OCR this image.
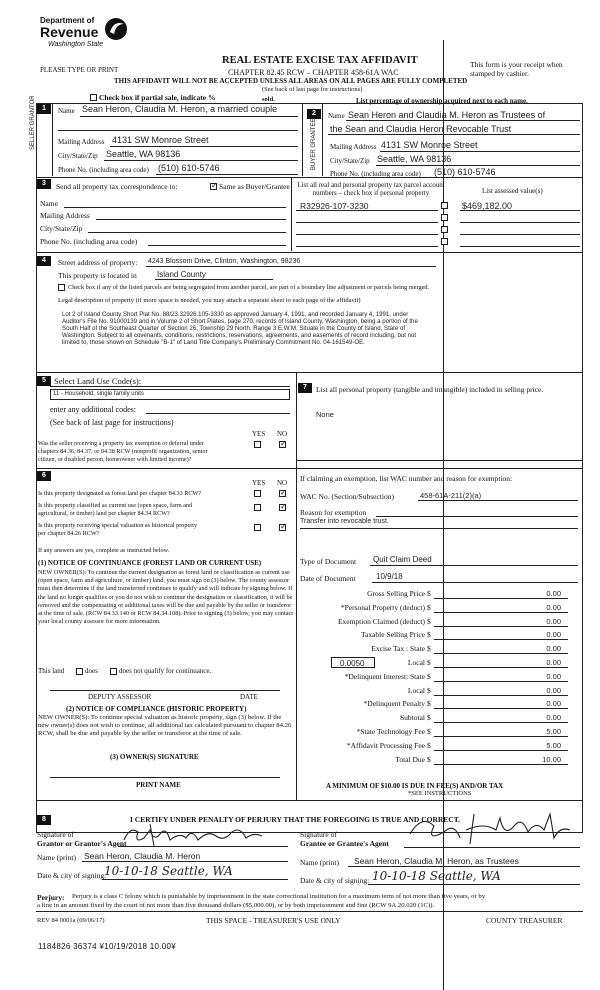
Department of
Revenue
Washington State
PLEASE TYPE OR PRINT
REAL ESTATE EXCISE TAX AFFIDAVIT
CHAPTER 82.45 RCW – CHAPTER 458-61A WAC
THIS AFFIDAVIT WILL NOT BE ACCEPTED UNLESS ALL AREAS ON ALL PAGES ARE FULLY COMPLETED
(See back of last page for instructions)
This form is your receipt when stamped by cashier.
Check box if partial sale, indicate %	sold.	List percentage of ownership acquired next to each name.
1
SELLER GRANTOR	Name Sean Heron, Claudia M. Heron, a married couple
Mailing Address 4131 SW Monroe Street
City/State/Zip Seattle, WA 98136
Phone No. (including area code) (510) 610-5746
2
BUYER GRANTEE
Name Sean Heron and Claudia M. Heron as Trustees of
the Sean and Claudia Heron Revocable Trust
Mailing Address 4131 SW Monroe Street
City/State/Zip Seattle, WA 98136
Phone No. (including area code) (510) 610-5746
3	Send all property tax correspondence to:
✓	Same as Buyer/Grantee
Name
Mailing Address
City/State/Zip
Phone No. (including area code)
List all real and personal property tax parcel account numbers – check box if personal property	List assessed value(s)
R32926-107-3230	$469,182.00
4	Street address of property: 4243 Blossom Drive, Clinton, Washington, 98236
This property is located in	Island County
Check box if any of the listed parcels are being segregated from another parcel, are part of a boundary line adjustment or parcels being merged.
Legal description of property (if more space is needed, you may attach a separate sheet to each page of the affidavit)
Lot 2 of Island County Short Plat No. 88/23.32926.105-3330 as approved January 4, 1991, and recorded January 4, 1991, under
Auditor's File No. 91000139 and in Volume 2 of Short Plates, page 270, records of Island County, Washington, being a portion of the
South Half of the Southeast Quarter of Section 26, Township 29 North, Range 3 E.W.M. Situate in the County of Island, State of
Washington. Subject to all covenants, conditions, restrictions, reservations, agreements, and easements of record including, but not
limited to, those shown on Schedule "B-1" of Land Title Company's Preliminary Commitment No. 04-161549-OE.
5 Select Land Use Code(s):
11 - Household, single family units
enter any additional codes:
(See back of last page for instructions)
YES NO
Was the seller receiving a property tax exemption or deferral under
chapters 84.36, 84.37, or 84.38 RCW (nonprofit organization, senior
citizen, or disabled person, homeowner with limited income)?
✓
7	List all personal property (tangible and intangible) included in selling price.
None
6
YES NO
Is this property designated as forest land per chapter 84.33 RCW?
✓
Is this property classified as current use (open space, farm and
agricultural, or timber) land per chapter 84.34 RCW?
✓
Is this property receiving special valuation as historical property
per chapter 84.26 RCW?
✓
If any answers are yes, complete as instructed below.
(1) NOTICE OF CONTINUANCE (FOREST LAND OR CURRENT USE)
NEW OWNER(S): To continue the current designation as forest land or classification as current use (open space, farm and agriculture, or timber) land, you must sign on (3) below. The county assessor must then determine if the land transferred continues to qualify and will indicate by signing below. If the land no longer qualifies or you do not wish to continue the designation or classification, it will be removed and the compensating or additional taxes will be due and payable by the seller or transferor at the time of sale. (RCW 84.33.140 or RCW 84.34.108). Prior to signing (3) below, you may contact your local county assessor for more information.
This land	does	does not qualify for continuance.
DEPUTY ASSESSOR	DATE
(2) NOTICE OF COMPLIANCE (HISTORIC PROPERTY)
NEW OWNER(S): To continue special valuation as historic property, sign (3) below. If the new owner(s) does not wish to continue, all additional tax calculated pursuant to chapter 84.26 RCW, shall be due and payable by the seller or transferor at the time of sale.
(3) OWNER(S) SIGNATURE
PRINT NAME
If claiming an exemption, list WAC number and reason for exemption:
WAC No. (Section/Subsection)	458-61A-211(2)(a)
Reason for exemption
Transfer into revocable trust.
Type of Document Quit Claim Deed
Date of Document	10/9/18
Gross Selling Price $	0.00
*Personal Property (deduct) $	0.00
Exemption Claimed (deduct) $	0.00
Taxable Selling Price $	0.00
Excise Tax : State $	0.00
Local $	0.00
*Delinquent Interest: State $	0.00
Local $	0.00
*Delinquent Penalty $	0.00
Subtotal $	0.00
*State Technology Fee $	5.00
*Affidavit Processing Fee $	5.00
Total Due $	10.00
0.0050
A MINIMUM OF $10.00 IS DUE IN FEE(S) AND/OR TAX
*SEE INSTRUCTIONS
8	I CERTIFY UNDER PENALTY OF PERJURY THAT THE FOREGOING IS TRUE AND CORRECT.
Signature of
Grantor or Grantor's Agent
Name (print) Sean Heron, Claudia M. Heron
Date & city of signing:
10-10-18 Seattle, WA
Signature of
Grantee or Grantee's Agent
Name (print) Sean Heron, Claudia M. Heron, as Trustees
Date & city of signing: 10-10-18 Seattle, WA
Perjury: Perjury is a class C felony which is punishable by imprisonment in the state correctional institution for a maximum term of not more than five years, or by
a fine in an amount fixed by the court of not more than five thousand dollars ($5,000.00), or by both imprisonment and fine (RCW 9A.20.020 (1C)).
REV 84 0001a (09/06/17)	THIS SPACE - TREASURER'S USE ONLY	COUNTY TREASURER
1184826 36374 ¥10/19/2018 10.00¥
